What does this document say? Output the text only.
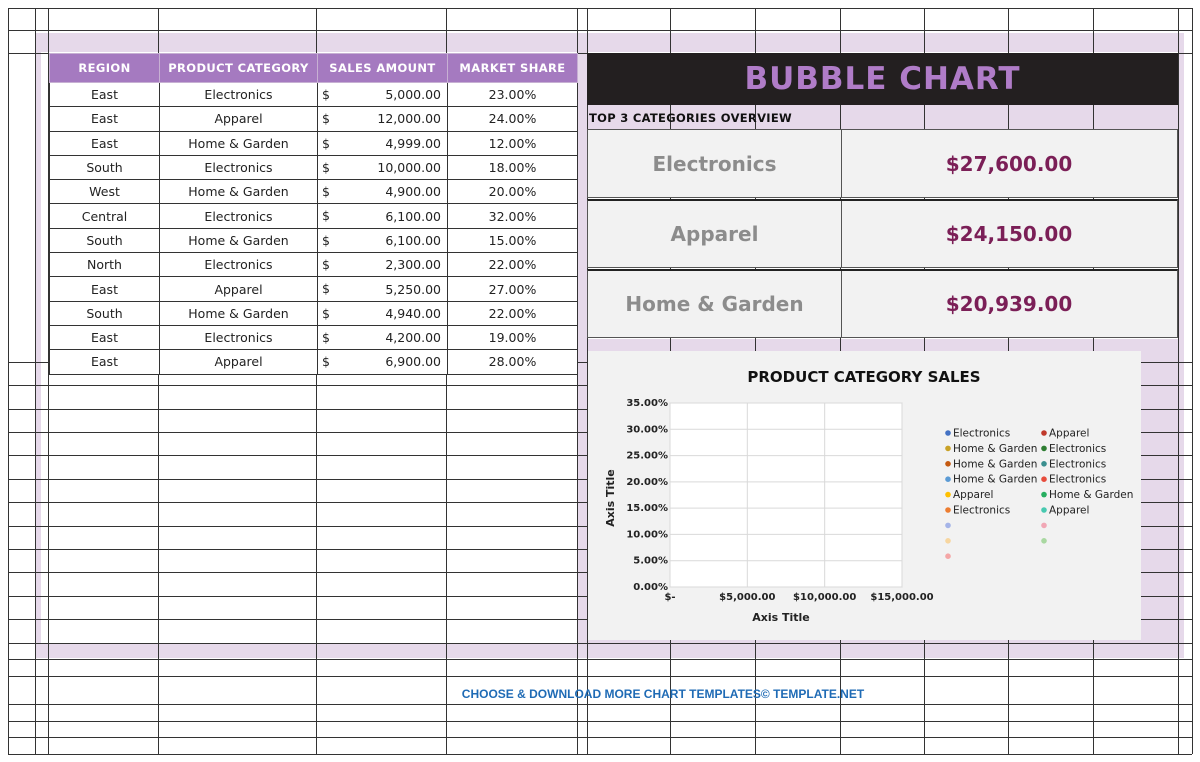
REGION	PRODUCT CATEGORY	SALES AMOUNT	MARKET SHARE
East	Electronics	$ 5,000.00	23.00%
East	Apparel	$ 12,000.00	24.00%
East	Home & Garden	$ 4,999.00	12.00%
South	Electronics	$ 10,000.00	18.00%
West	Home & Garden	$ 4,900.00	20.00%
Central	Electronics	$ 6,100.00	32.00%
South	Home & Garden	$ 6,100.00	15.00%
North	Electronics	$ 2,300.00	22.00%
East	Apparel	$ 5,250.00	27.00%
South	Home & Garden	$ 4,940.00	22.00%
East	Electronics	$ 4,200.00	19.00%
East	Apparel	$ 6,900.00	28.00%
BUBBLE CHART
TOP 3 CATEGORIES OVERVIEW
Electronics	$27,600.00
Apparel	$24,150.00
Home & Garden	$20,939.00
PRODUCT CATEGORY SALES
0.00%
5.00%
10.00%
15.00%
20.00%
25.00%
30.00%
35.00%
$-	$5,000.00 $10,000.00 $15,000.00
Axis Title
Axis Title
Electronics
Home & Garden
Home & Garden
Home & Garden
Apparel
Electronics
Apparel
Electronics
Electronics
Electronics
Home & Garden
Apparel
CHOOSE & DOWNLOAD MORE CHART TEMPLATES© TEMPLATE.NET
